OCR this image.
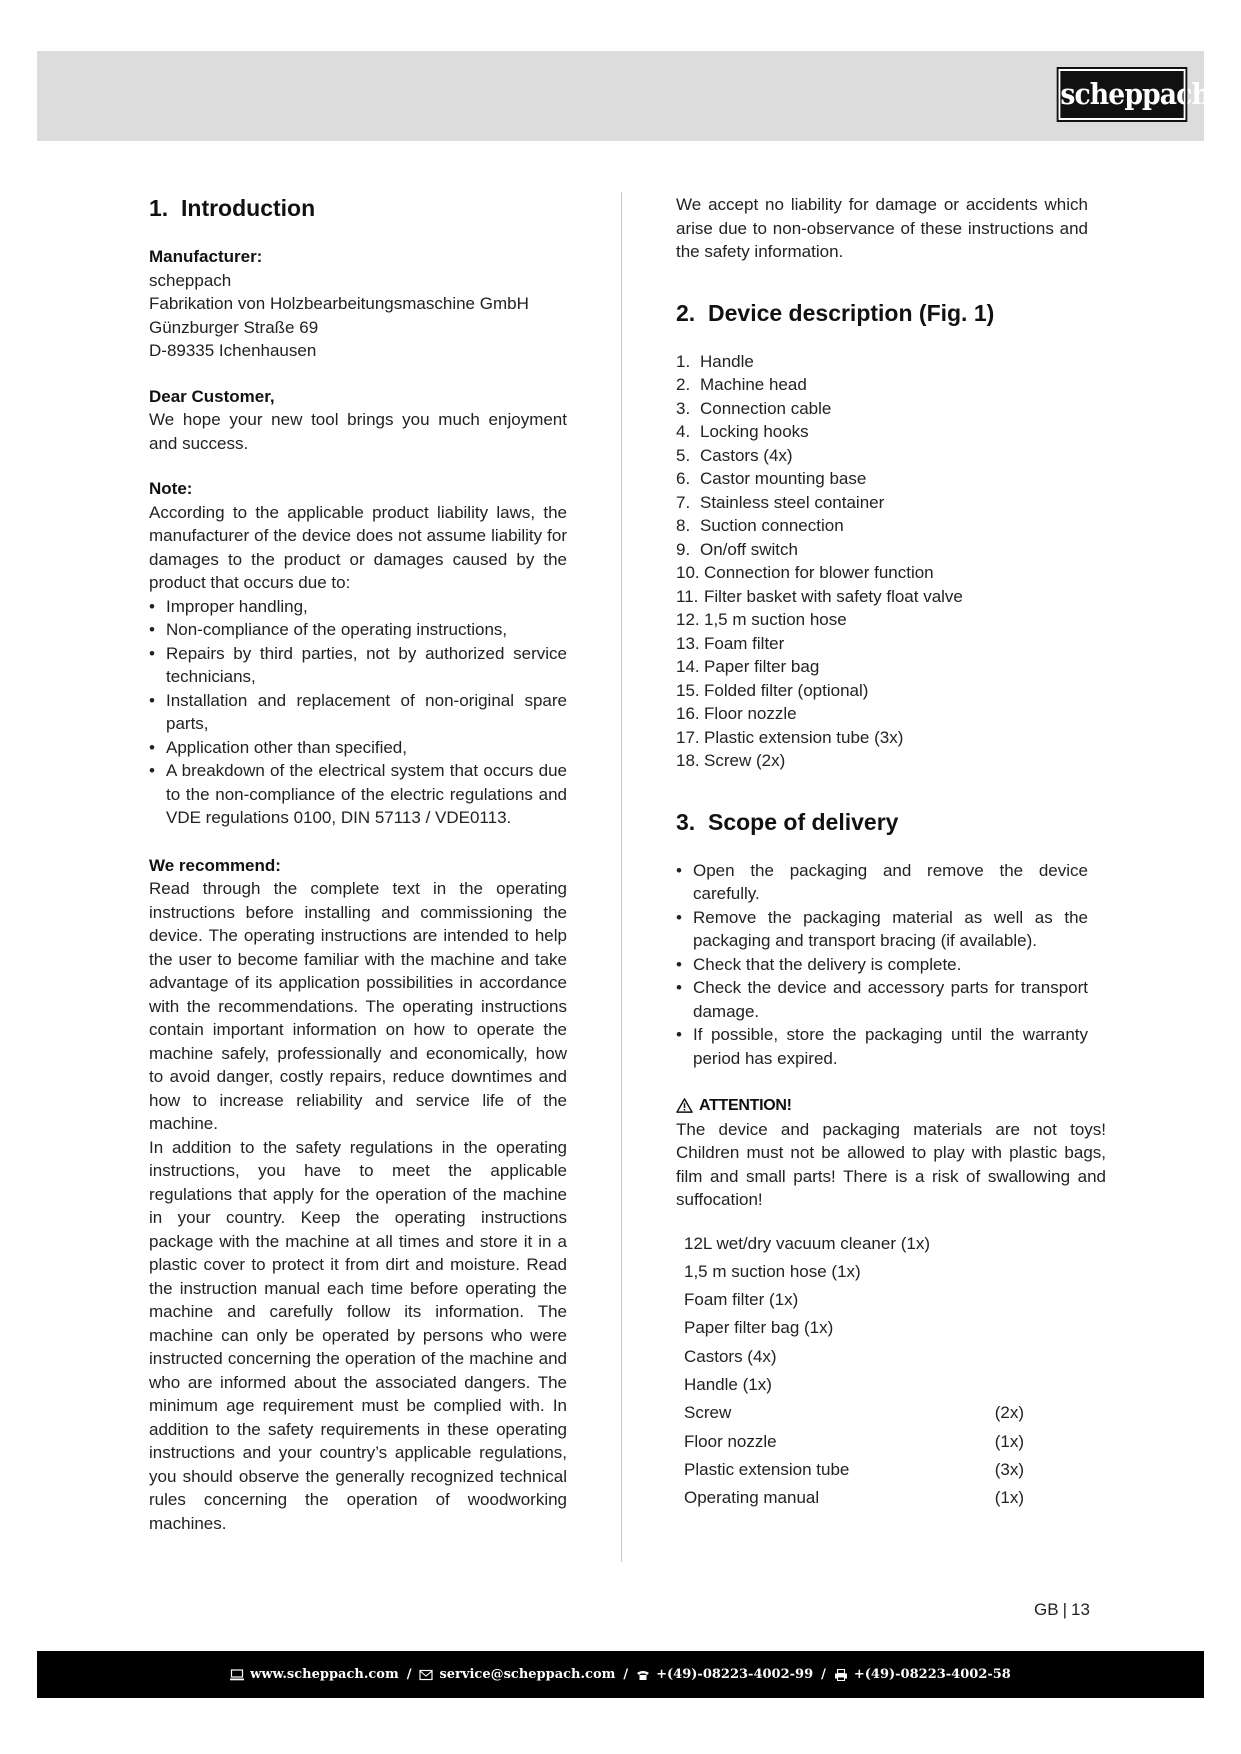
scheppach
1. Introduction
Manufacturer:
scheppach
Fabrikation von Holzbearbeitungsmaschine GmbH
Günzburger Straße 69
D-89335 Ichenhausen
Dear Customer,

We hope your new tool brings you much enjoyment and success.

Note:

According to the applicable product liability laws, the manufacturer of the device does not assume liability for damages to the product or damages caused by the product that occurs due to:

• Improper handling,
• Non-compliance of the operating instructions,
• Repairs by third parties, not by authorized service technicians,
• Installation and replacement of non-original spare parts,
• Application other than specified,
• A breakdown of the electrical system that occurs due to the non-compliance of the electric regulations and VDE regulations 0100, DIN 57113 / VDE0113.
We recommend:

Read through the complete text in the operating instructions before installing and commissioning the device. The operating instructions are intended to help the user to become familiar with the machine and take advantage of its application possibilities in accordance with the recommendations. The operating instructions contain important information on how to operate the machine safely, professionally and economically, how to avoid danger, costly repairs, reduce downtimes and how to increase reliability and service life of the machine.

In addition to the safety regulations in the operating instructions, you have to meet the applicable regulations that apply for the operation of the machine in your country. Keep the operating instructions package with the machine at all times and store it in a plastic cover to protect it from dirt and moisture. Read the instruction manual each time before operating the machine and carefully follow its information. The machine can only be operated by persons who were instructed concerning the operation of the machine and who are informed about the associated dangers. The minimum age requirement must be complied with. In addition to the safety requirements in these operating instructions and your country’s applicable regulations, you should observe the generally recognized technical rules concerning the operation of woodworking machines.

We accept no liability for damage or accidents which arise due to non-observance of these instructions and the safety information.

2. Device description (Fig. 1)
1. Handle
2. Machine head
3. Connection cable
4. Locking hooks
5. Castors (4x)
6. Castor mounting base
7. Stainless steel container
8. Suction connection
9. On/off switch
10. Connection for blower function
11. Filter basket with safety float valve
12. 1,5 m suction hose
13. Foam filter
14. Paper filter bag
15. Folded filter (optional)
16. Floor nozzle
17. Plastic extension tube (3x)
18. Screw (2x)
3. Scope of delivery
• Open the packaging and remove the device carefully.
• Remove the packaging material as well as the packaging and transport bracing (if available).
• Check that the delivery is complete.
• Check the device and accessory parts for transport damage.
• If possible, store the packaging until the warranty period has expired.
ATTENTION!

The device and packaging materials are not toys! Children must not be allowed to play with plastic bags, film and small parts! There is a risk of swallowing and suffocation!

12L wet/dry vacuum cleaner (1x)
1,5 m suction hose (1x)
Foam filter (1x)
Paper filter bag (1x)
Castors (4x)
Handle (1x)
Screw	(2x)
Floor nozzle	(1x)
Plastic extension tube	(3x)
Operating manual	(1x)
GB | 13
www.scheppach.com / service@scheppach.com / +(49)-08223-4002-99 / +(49)-08223-4002-58
